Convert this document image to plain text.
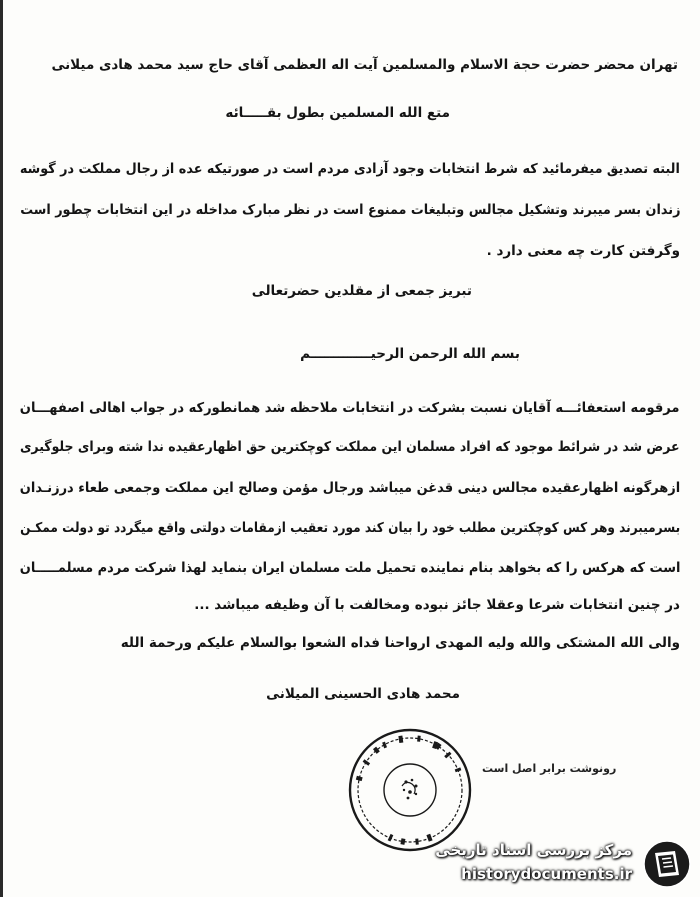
تهران محضر حضرت حجة الاسلام والمسلمین آیت اله العظمی آقای حاج سید محمد هادی میلانی
متع الله المسلمین بطول بقـــــائه
البته تصدیق میفرمائید که شرط انتخابات وجود آزادی مردم است در صورتیکه عده از رجال مملکت در گوشه
زندان بسر میبرند وتشکیل مجالس وتبلیغات ممنوع است در نظر مبارک مداخله در این انتخابات چطور است
وگرفتن کارت چه معنی دارد .
تبریز جمعی از مقلدین حضرتعالی
بسم الله الرحمن الرحیـــــــــــــم
مرقومه استعفائـــه آقایان نسبت بشرکت در انتخابات ملاحظه شد همانطورکه در جواب اهالی اصفهـــان
عرض شد در شرائط موجود که افراد مسلمان این مملکت کوچکترین حق اظهارعقیده ندا شته وبرای جلوگیری
ازهرگونه اظهارعقیده مجالس دینی قدغن میباشد ورجال مؤمن وصالح این مملکت وجمعی طعاء درزنـدان
بسرمیبرند وهر کس کوچکترین مطلب خود را بیان کند مورد تعقیب ازمقامات دولتی واقع میگردد تو دولت ممکـن
است که هرکس را که بخواهد بنام نماینده تحمیل ملت مسلمان ایران بنماید لهذا شرکت مردم مسلمـــــان
در چنین انتخابات شرعا وعقلا جائز نبوده ومخالفت با آن وظیفه میباشد ...
والی الله المشتکی والله ولیه المهدی ارواحنا فداه الشعوا بوالسلام علیکم ورحمة الله
محمد هادی الحسینی المیلانی
رونوشت برابر اصل است
مرکز بررسی اسناد تاریخی
historydocuments.ir
